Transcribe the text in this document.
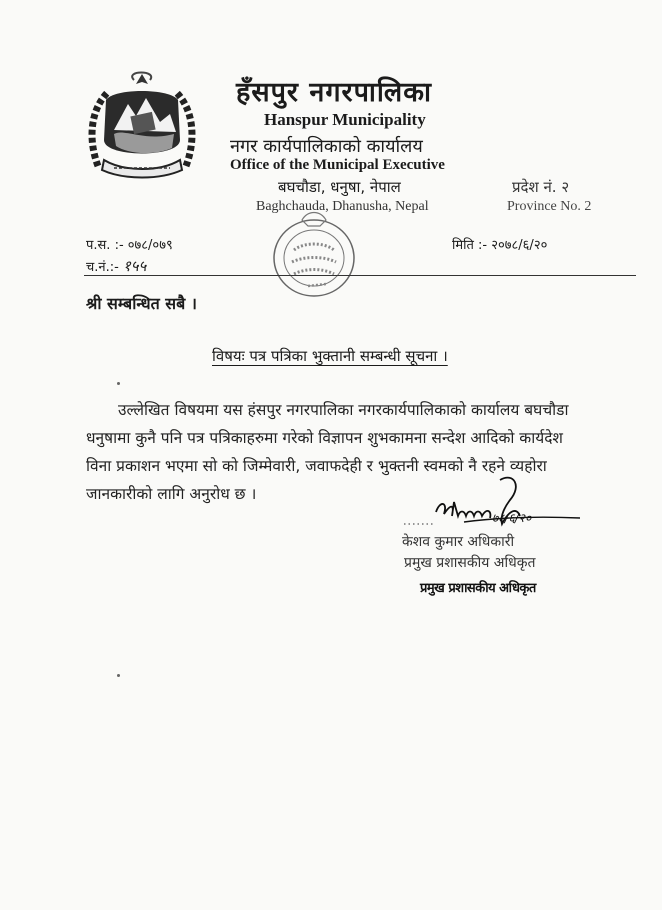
हँसपुर नगरपालिका
Hanspur Municipality
नगर कार्यपालिकाको कार्यालय
Office of the Municipal Executive
बघचौडा, धनुषा, नेपाल
Baghchauda, Dhanusha, Nepal
प्रदेश नं. २
Province No. 2
प.स. :- ०७८/०७९
च.नं.:- १५५
मिति :- २०७८/६/२०
श्री सम्बन्धित सबै ।
विषयः पत्र पत्रिका भुक्तानी सम्बन्धी सूचना ।
उल्लेखित विषयमा यस हंसपुर नगरपालिका नगरकार्यपालिकाको कार्यालय बघचौडा
धनुषामा कुनै पनि पत्र पत्रिकाहरुमा गरेको विज्ञापन शुभकामना सन्देश आदिको कार्यदेश
विना प्रकाशन भएमा सो को जिम्मेवारी, जवाफदेही र भुक्तनी स्वमको नै रहने व्यहोरा
जानकारीको लागि अनुरोध छ ।
७८/६/२०
केशव कुमार अधिकारी
प्रमुख प्रशासकीय अधिकृत
प्रमुख प्रशासकीय अधिकृत
